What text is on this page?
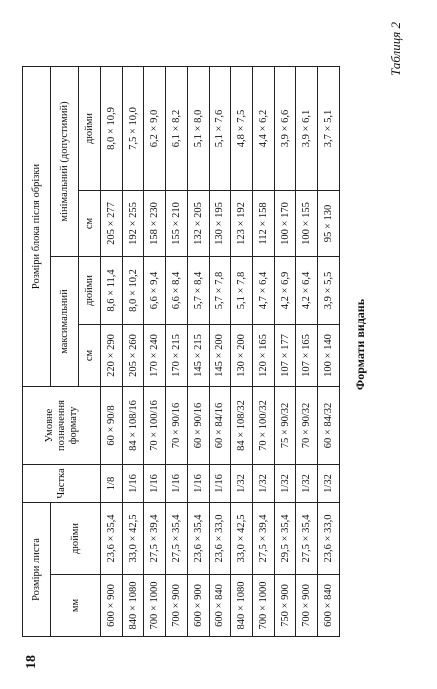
18
Таблиця 2
Розміри листа		Частка	Умовне позначення формату	Розміри блока після обрізки			
мм	дюйми			максимальний		мінімальний (допустимий)	
				см	дюйми	см	дюйми
600 × 900	23,6 × 35,4	1/8	60 × 90/8	220 × 290	8,6 × 11,4	205 × 277	8,0 × 10,9
840 × 1080	33,0 × 42,5	1/16	84 × 108/16	205 × 260	8,0 × 10,2	192 × 255	7,5 × 10,0
700 × 1000	27,5 × 39,4	1/16	70 × 100/16	170 × 240	6,6 × 9,4	158 × 230	6,2 × 9,0
700 × 900	27,5 × 35,4	1/16	70 × 90/16	170 × 215	6,6 × 8,4	155 × 210	6,1 × 8,2
600 × 900	23,6 × 35,4	1/16	60 × 90/16	145 × 215	5,7 × 8,4	132 × 205	5,1 × 8,0
600 × 840	23,6 × 33,0	1/16	60 × 84/16	145 × 200	5,7 × 7,8	130 × 195	5,1 × 7,6
840 × 1080	33,0 × 42,5	1/32	84 × 108/32	130 × 200	5,1 × 7,8	123 × 192	4,8 × 7,5
700 × 1000	27,5 × 39,4	1/32	70 × 100/32	120 × 165	4,7 × 6,4	112 × 158	4,4 × 6,2
750 × 900	29,5 × 35,4	1/32	75 × 90/32	107 × 177	4,2 × 6,9	100 × 170	3,9 × 6,6
700 × 900	27,5 × 35,4	1/32	70 × 90/32	107 × 165	4,2 × 6,4	100 × 155	3,9 × 6,1
600 × 840	23,6 × 33,0	1/32	60 × 84/32	100 × 140	3,9 × 5,5	95 × 130	3,7 × 5,1
Формати видань
